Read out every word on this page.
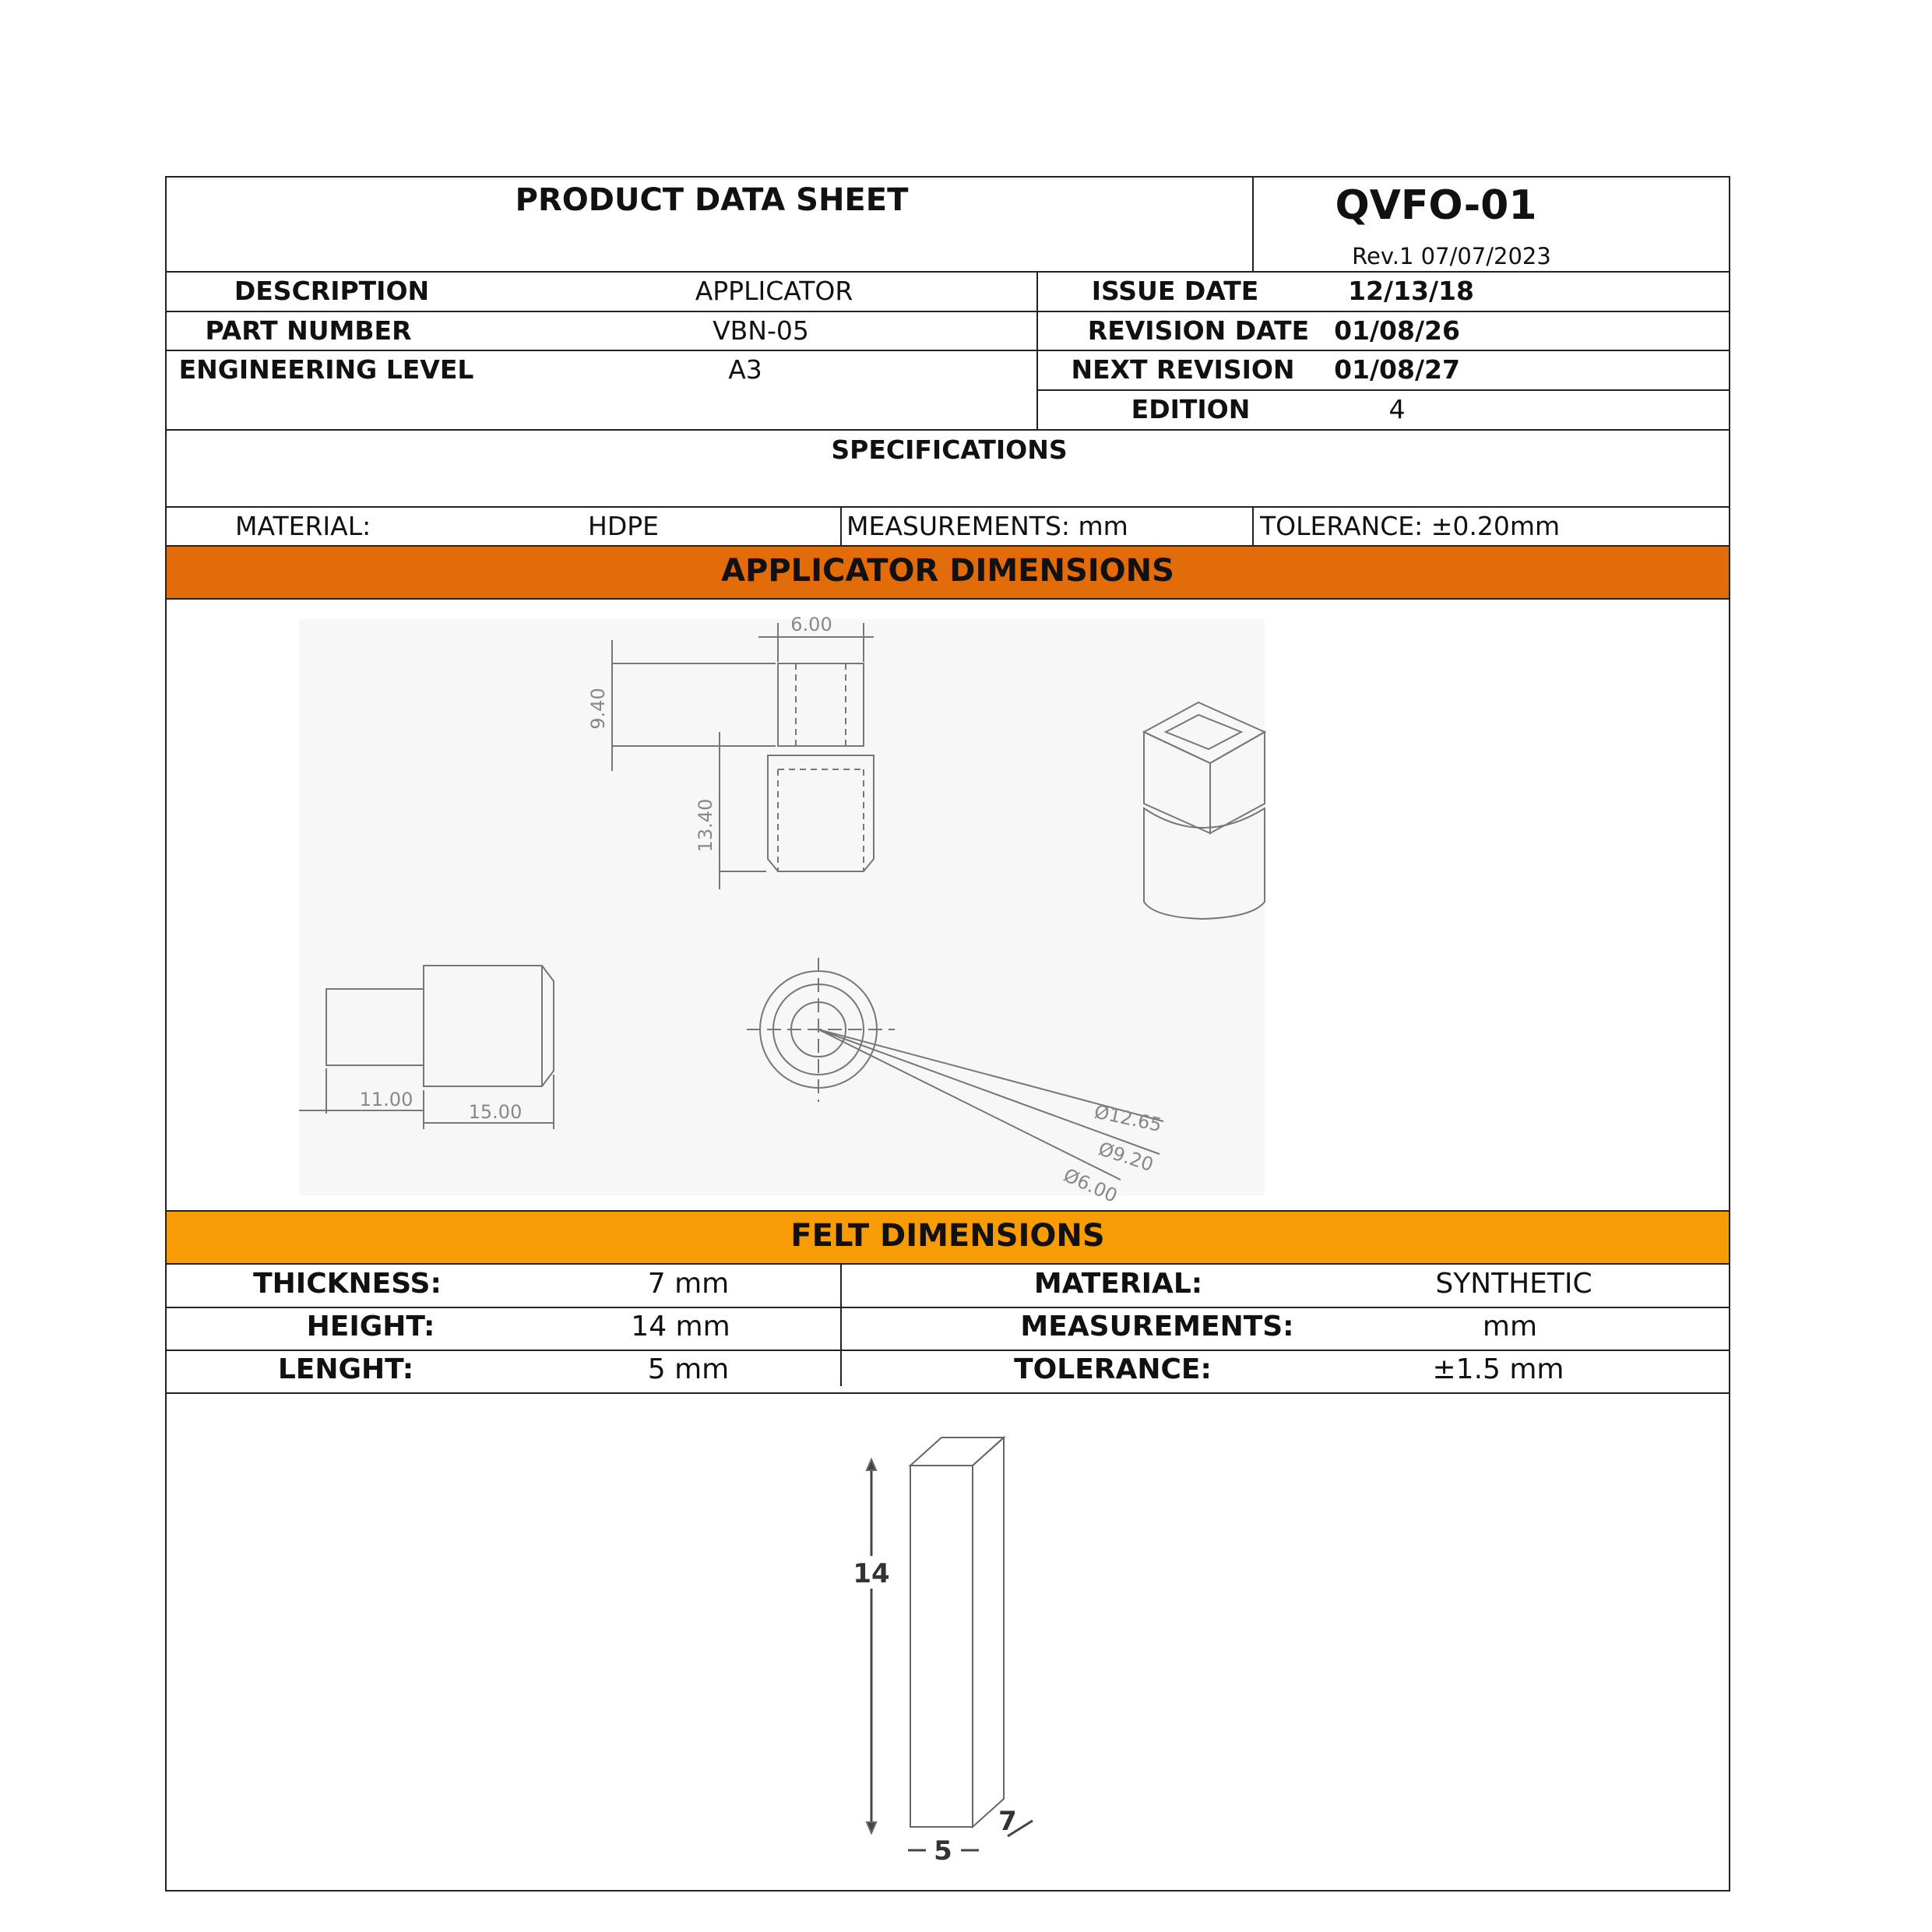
PRODUCT DATA SHEET	QVFO-01
Rev.1 07/07/2023
DESCRIPTION	APPLICATOR	ISSUE DATE	12/13/18
PART NUMBER	VBN-05	REVISION DATE 01/08/26
ENGINEERING LEVEL	A3	NEXT REVISION 01/08/27
EDITION	4
SPECIFICATIONS
MATERIAL:	HDPE	MEASUREMENTS: mm	TOLERANCE: ±0.20mm
APPLICATOR DIMENSIONS
6.00
9.40
13.40
11.00
15.00	Ø12.65
Ø9.20
Ø6.00
FELT DIMENSIONS
THICKNESS:	7 mm	MATERIAL:	SYNTHETIC
HEIGHT:	14 mm	MEASUREMENTS:	mm
LENGHT:	5 mm	TOLERANCE:	±1.5 mm
14
5
7
